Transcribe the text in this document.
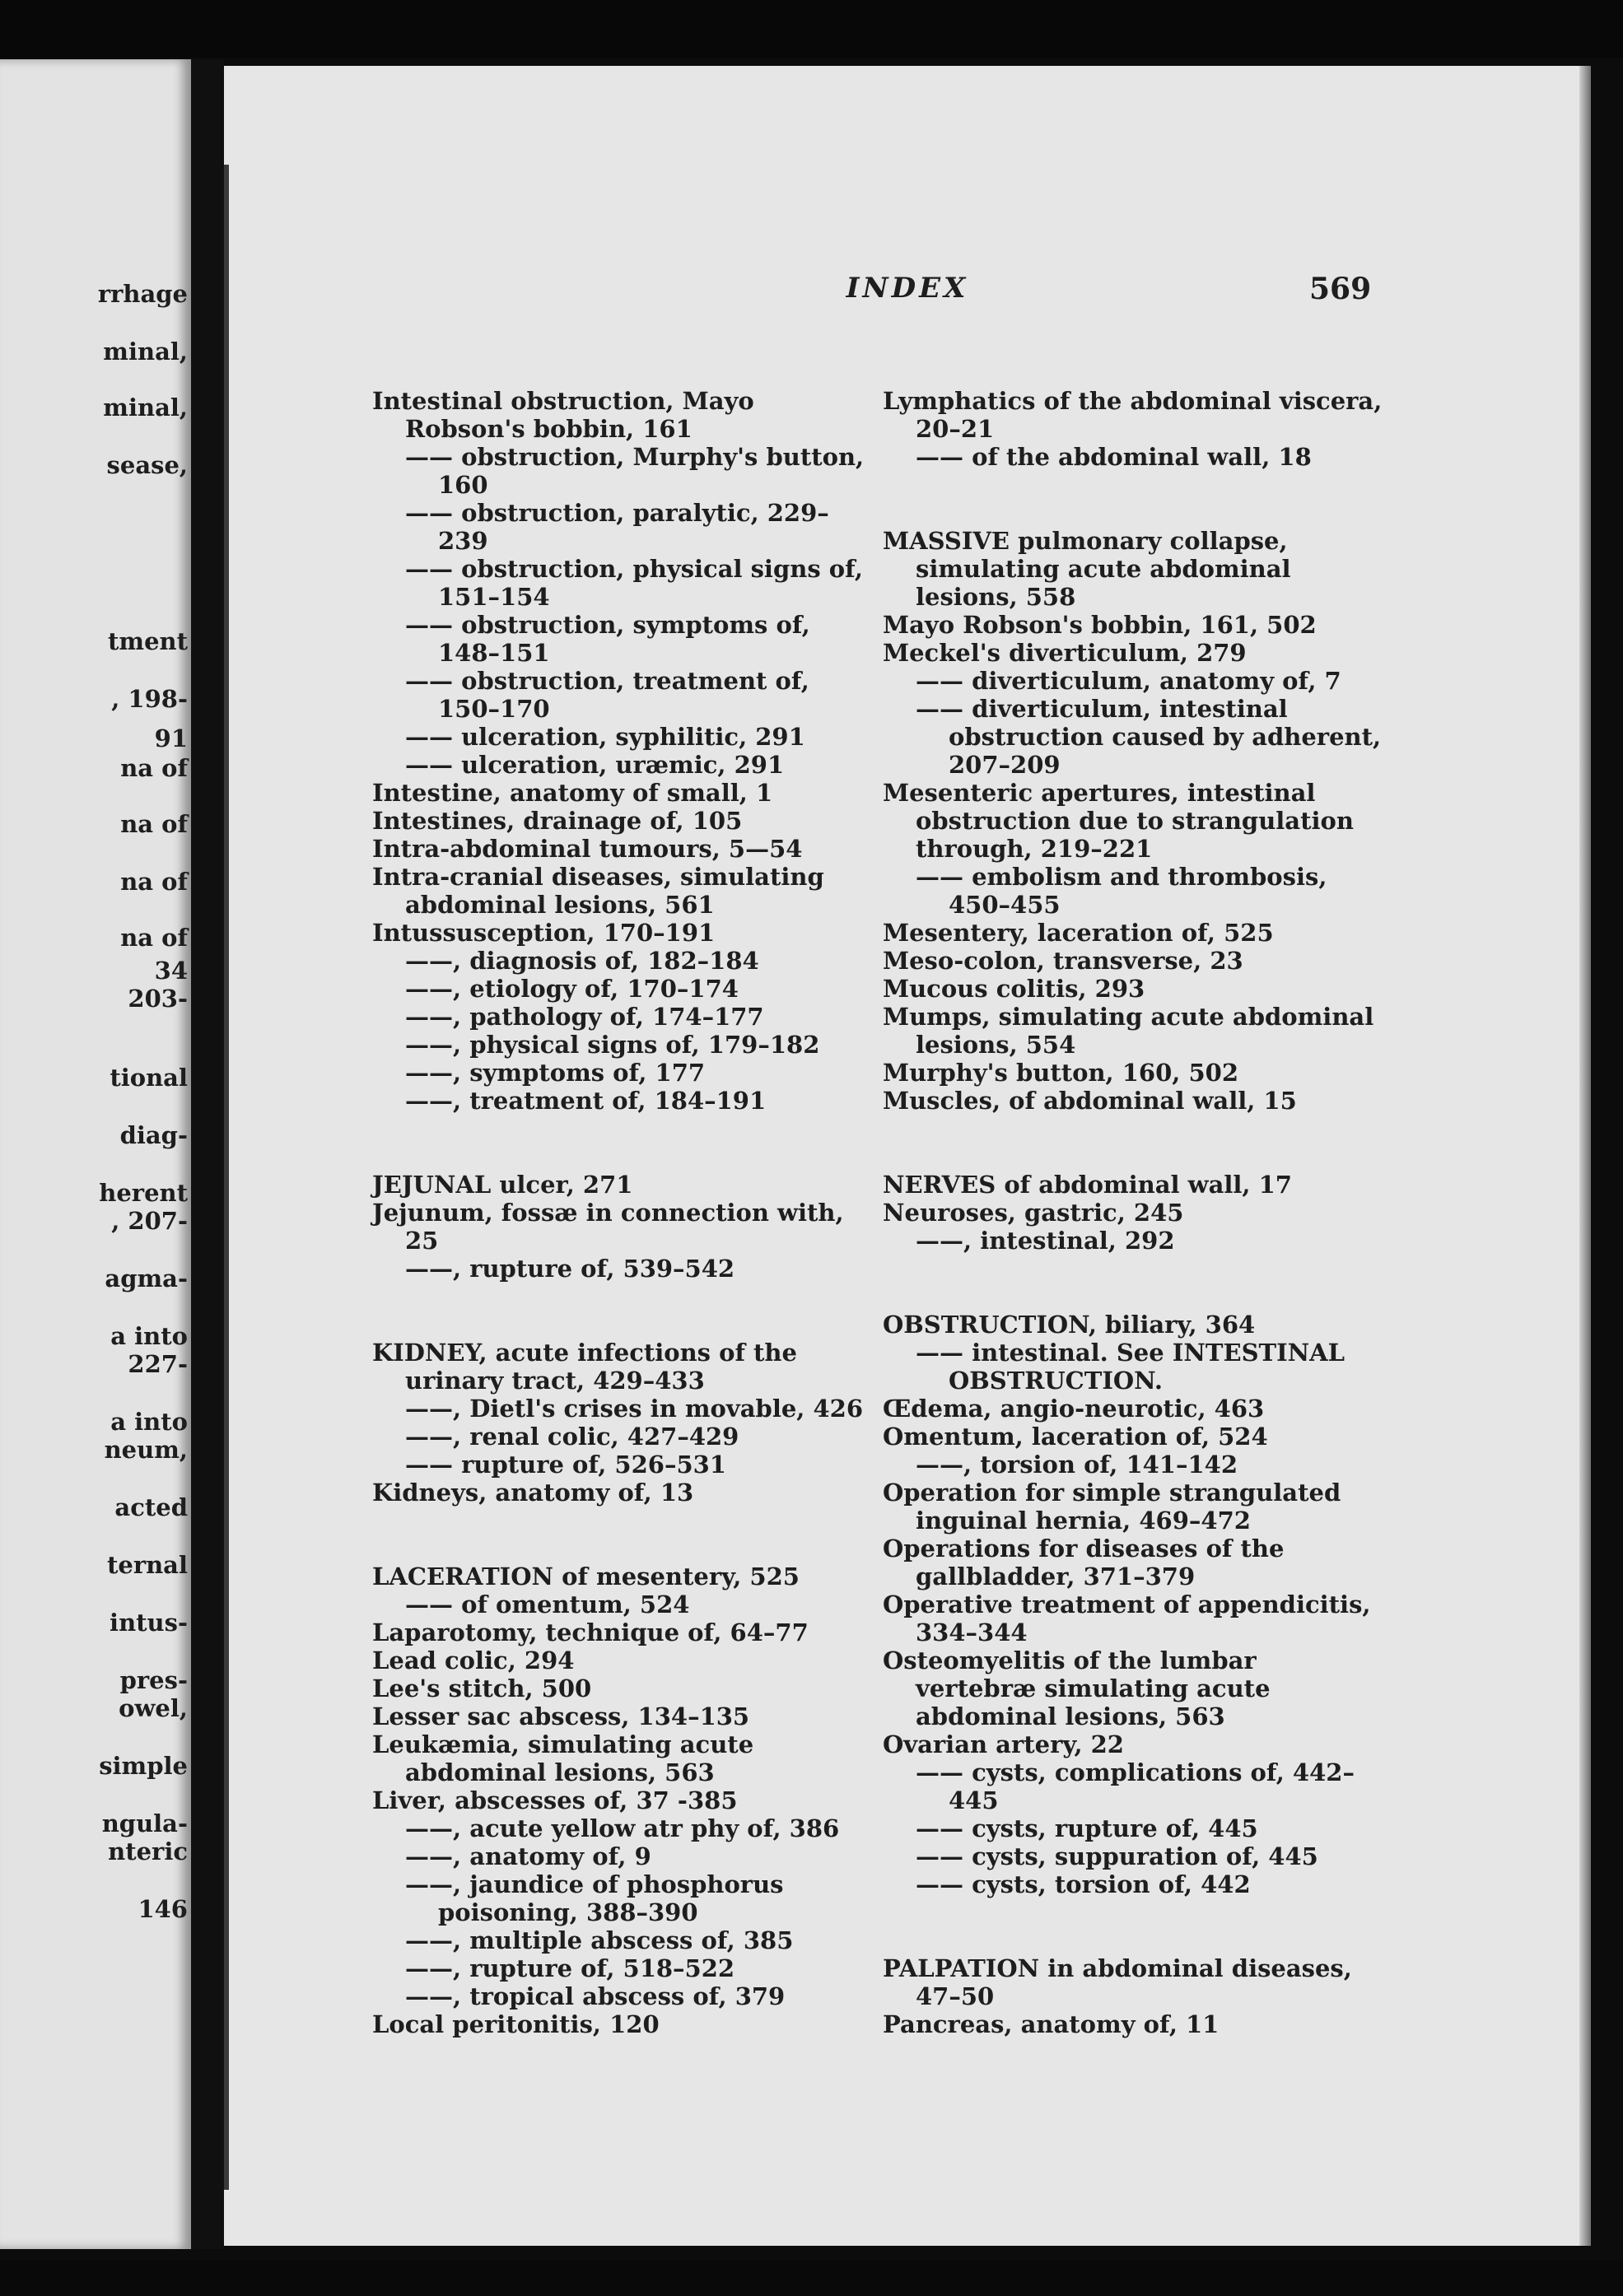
rrhage
minal,
minal,
sease,
tment
, 198-
91
na of
na of
na of
na of
34
203-
tional
diag-
herent
, 207-
agma-
a into
227-
a into
neum,
acted
ternal
intus-
pres-
owel,
simple
ngula-
nteric
146
INDEX	569

Intestinal obstruction, Mayo Robson's bobbin, 161

—— obstruction, Murphy's button, 160

—— obstruction, paralytic, 229–239

—— obstruction, physical signs of, 151–154

—— obstruction, symptoms of, 148–151

—— obstruction, treatment of, 150–170

—— ulceration, syphilitic, 291

—— ulceration, uræmic, 291

Intestine, anatomy of small, 1

Intestines, drainage of, 105

Intra-abdominal tumours, 5—54

Intra-cranial diseases, simulating abdominal lesions, 561

Intussusception, 170–191

——, diagnosis of, 182–184

——, etiology of, 170–174

——, pathology of, 174–177

——, physical signs of, 179–182

——, symptoms of, 177

——, treatment of, 184–191

JEJUNAL ulcer, 271

Jejunum, fossæ in connection with, 25

——, rupture of, 539–542

KIDNEY, acute infections of the urinary tract, 429–433

——, Dietl's crises in movable, 426

——, renal colic, 427–429

—— rupture of, 526–531

Kidneys, anatomy of, 13

LACERATION of mesentery, 525

—— of omentum, 524

Laparotomy, technique of, 64–77

Lead colic, 294

Lee's stitch, 500

Lesser sac abscess, 134–135

Leukæmia, simulating acute abdominal lesions, 563

Liver, abscesses of, 37 -385

——, acute yellow atr phy of, 386

——, anatomy of, 9

——, jaundice of phosphorus poisoning, 388–390

——, multiple abscess of, 385

——, rupture of, 518–522

——, tropical abscess of, 379

Local peritonitis, 120

Lymphatics of the abdominal viscera, 20–21

—— of the abdominal wall, 18

MASSIVE pulmonary collapse, simulating acute abdominal lesions, 558

Mayo Robson's bobbin, 161, 502

Meckel's diverticulum, 279

—— diverticulum, anatomy of, 7

—— diverticulum, intestinal obstruction caused by adherent, 207–209

Mesenteric apertures, intestinal obstruction due to strangulation through, 219–221

—— embolism and thrombosis, 450–455

Mesentery, laceration of, 525

Meso-colon, transverse, 23

Mucous colitis, 293

Mumps, simulating acute abdominal lesions, 554

Murphy's button, 160, 502

Muscles, of abdominal wall, 15

NERVES of abdominal wall, 17

Neuroses, gastric, 245

——, intestinal, 292

OBSTRUCTION, biliary, 364

—— intestinal. See INTESTINAL OBSTRUCTION.

Œdema, angio-neurotic, 463

Omentum, laceration of, 524

——, torsion of, 141–142

Operation for simple strangulated inguinal hernia, 469–472

Operations for diseases of the gallbladder, 371–379

Operative treatment of appendicitis, 334–344

Osteomyelitis of the lumbar vertebræ simulating acute abdominal lesions, 563

Ovarian artery, 22

—— cysts, complications of, 442–445

—— cysts, rupture of, 445

—— cysts, suppuration of, 445

—— cysts, torsion of, 442

PALPATION in abdominal diseases, 47–50

Pancreas, anatomy of, 11
